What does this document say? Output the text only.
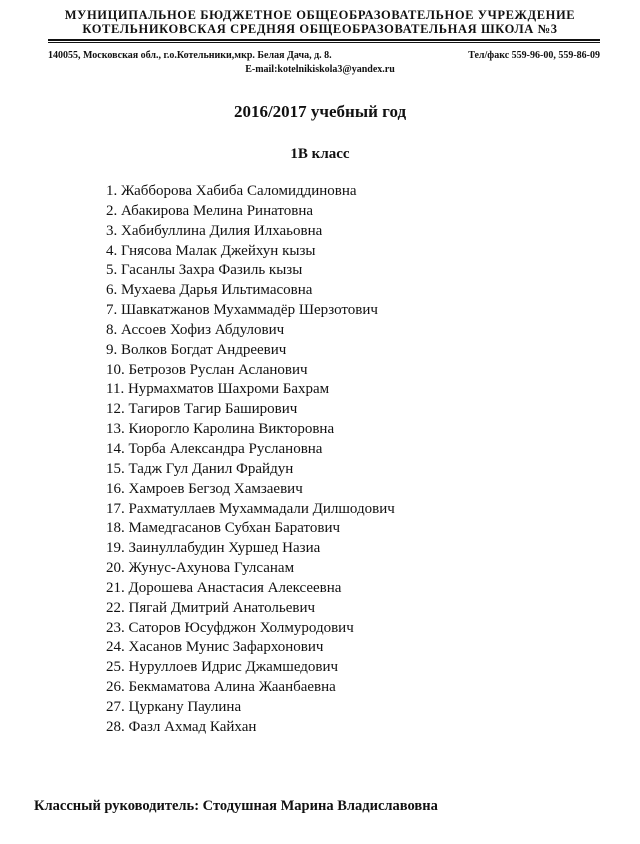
МУНИЦИПАЛЬНОЕ БЮДЖЕТНОЕ ОБЩЕОБРАЗОВАТЕЛЬНОЕ УЧРЕЖДЕНИЕ
КОТЕЛЬНИКОВСКАЯ СРЕДНЯЯ ОБЩЕОБРАЗОВАТЕЛЬНАЯ ШКОЛА №3
140055, Московская обл., г.о.Котельники,мкр. Белая Дача, д. 8.	Тел/факс 559-96-00, 559-86-09
E-mail:kotelnikiskola3@yandex.ru
2016/2017 учебный год
1В класс
1. Жабборова Хабиба Саломиддиновна
2. Абакирова Мелина Ринатовна
3. Хабибуллина Дилия Илхаьовна
4. Гнясова Малак Джейхун кызы
5. Гасанлы Захра Фазиль кызы
6. Мухаева Дарья Ильтимасовна
7. Шавкатжанов Мухаммадёр Шерзотович
8. Ассоев Хофиз Абдулович
9. Волков Богдат Андреевич
10. Бетрозов Руслан Асланович
11. Нурмахматов Шахроми Бахрам
12. Тагиров Тагир Баширович
13. Киорогло Каролина Викторовна
14. Торба Александра Руслановна
15. Тадж Гул Данил Фрайдун
16. Хамроев Бегзод Хамзаевич
17. Рахматуллаев Мухаммадали Дилшодович
18. Мамедгасанов Субхан Баратович
19. Заинуллабудин Хуршед Назиа
20. Жунус-Ахунова Гулсанам
21. Дорошева Анастасия Алексеевна
22. Пягай Дмитрий Анатольевич
23. Саторов Юсуфджон Холмуродович
24. Хасанов Мунис Зафархонович
25. Нуруллоев Идрис Джамшедович
26. Бекмаматова Алина Жаанбаевна
27. Цуркану Паулина
28. Фазл Ахмад Кайхан
Классный руководитель: Стодушная Марина Владиславовна
